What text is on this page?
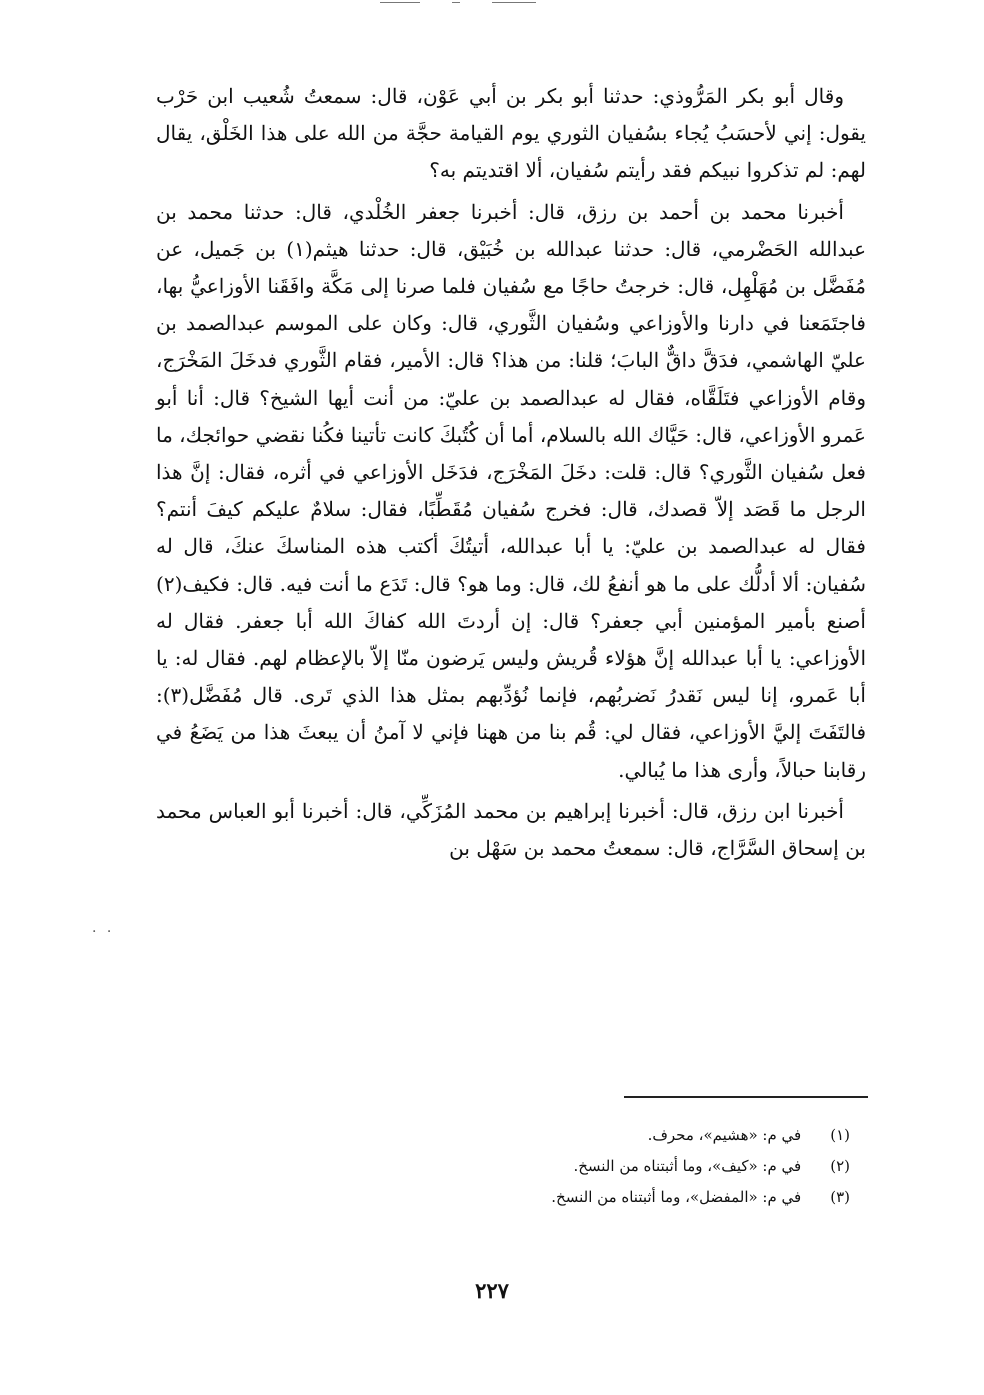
وقال أبو بكر المَرُّوذي: حدثنا أبو بكر بن أبي عَوْن، قال: سمعتُ شُعيب ابن حَرْب يقول: إني لأحسَبُ يُجاء بسُفيان الثوري يوم القيامة حجَّة من الله على هذا الخَلْق، يقال لهم: لم تذكروا نبيكم فقد رأيتم سُفيان، ألا اقتديتم به؟

أخبرنا محمد بن أحمد بن رزق، قال: أخبرنا جعفر الخُلْدي، قال: حدثنا محمد بن عبدالله الحَضْرمي، قال: حدثنا عبدالله بن خُبَيْق، قال: حدثنا هيثم(١) بن جَميل، عن مُفَضَّل بن مُهَلْهِل، قال: خرجتُ حاجًا مع سُفيان فلما صرنا إلى مَكَّة وافَقَنا الأوزاعيُّ بها، فاجتَمَعنا في دارنا والأوزاعي وسُفيان الثَّوري، قال: وكان على الموسم عبدالصمد بن عليّ الهاشمي، فدَقَّ داقٌّ البابَ؛ قلنا: من هذا؟ قال: الأمير، فقام الثَّوري فدخَلَ المَخْرَج، وقام الأوزاعي فتَلَقَّاه، فقال له عبدالصمد بن عليّ: من أنت أيها الشيخ؟ قال: أنا أبو عَمرو الأوزاعي، قال: حَيَّاك الله بالسلام، أما أن كُتُبكَ كانت تأتينا فكُنا نقضي حوائجك، ما فعل سُفيان الثَّوري؟ قال: قلت: دخَلَ المَخْرَج، فدَخَل الأوزاعي في أثره، فقال: إنَّ هذا الرجل ما قَصَد إلاّ قصدك، قال: فخرج سُفيان مُقَطِّبًا، فقال: سلامٌ عليكم كيفَ أنتم؟ فقال له عبدالصمد بن عليّ: يا أبا عبدالله، أتيتُكَ أكتب هذه المناسكَ عنكَ، قال له سُفيان: ألا أدلُّك على ما هو أنفعُ لك، قال: وما هو؟ قال: تَدَع ما أنت فيه. قال: فكيف(٢) أصنع بأمير المؤمنين أبي جعفر؟ قال: إن أردتَ الله كفاكَ الله أبا جعفر. فقال له الأوزاعي: يا أبا عبدالله إنَّ هؤلاء قُريش وليس يَرضون منّا إلاّ بالإعظام لهم. فقال له: يا أبا عَمرو، إنا ليس نَقدرُ نَضربُهم، فإنما نُؤدِّبهم بمثل هذا الذي تَرى. قال مُفَضَّل(٣): فالتَفَتَ إليَّ الأوزاعي، فقال لي: قُم بنا من ههنا فإني لا آمنُ أن يبعثَ هذا من يَضَعُ في رقابنا حبالاً، وأرى هذا ما يُبالي.

أخبرنا ابن رزق، قال: أخبرنا إبراهيم بن محمد المُزَكِّي، قال: أخبرنا أبو العباس محمد بن إسحاق السَّرَّاج، قال: سمعتُ محمد بن سَهْل بن

· ·
(١) في م: «هشيم»، محرف.
(٢) في م: «كيف»، وما أثبتناه من النسخ.
(٣) في م: «المفضل»، وما أثبتناه من النسخ.
٢٢٧
